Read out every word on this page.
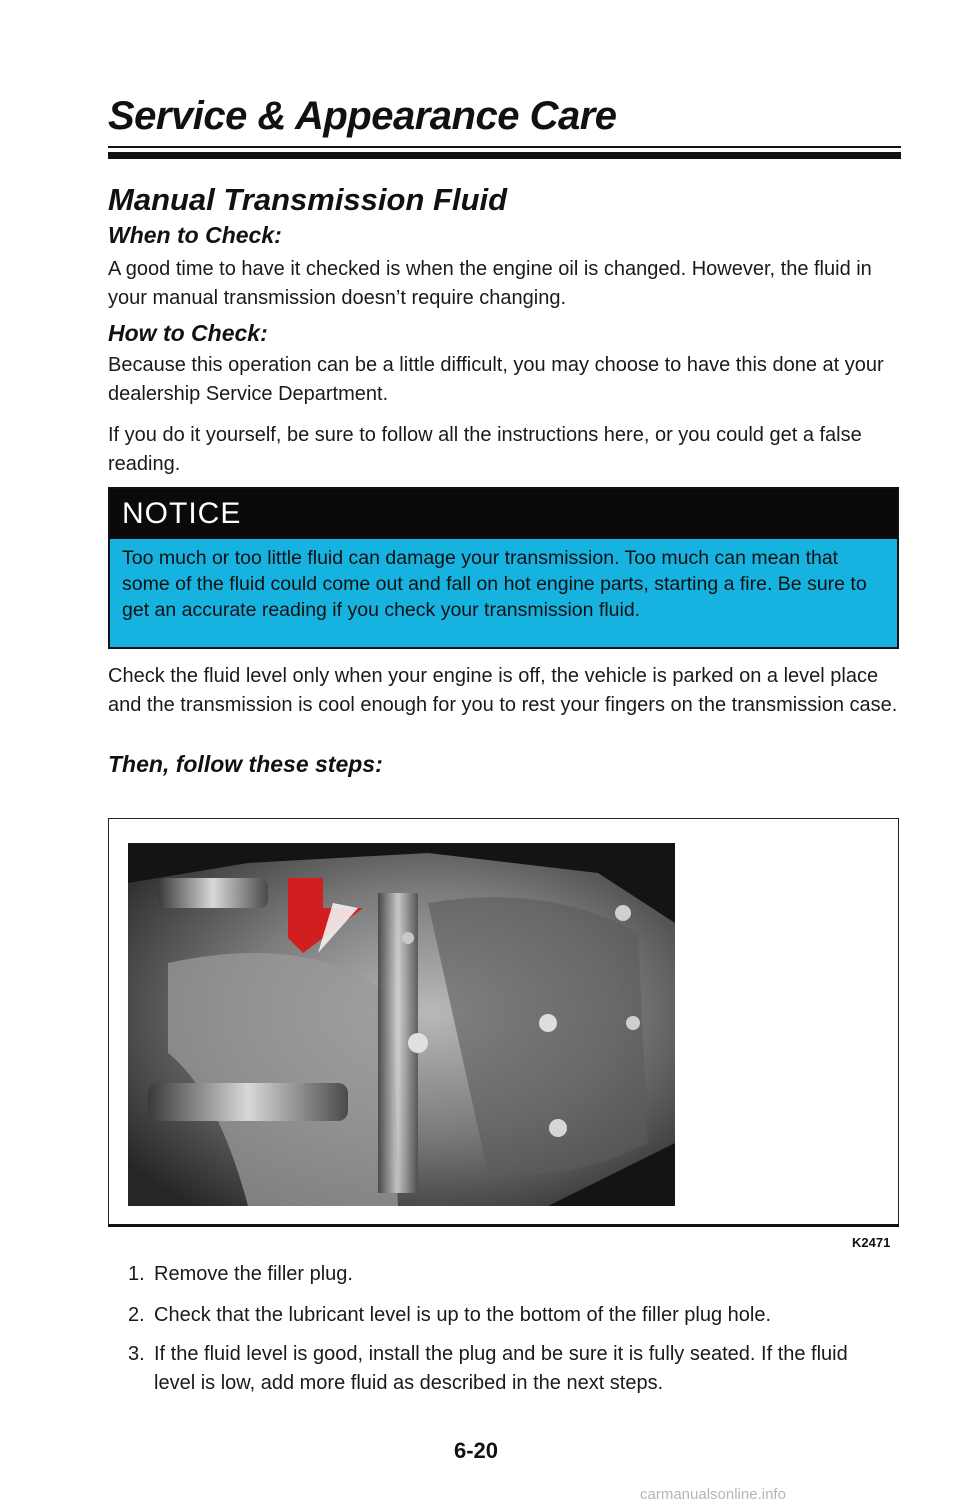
Service & Appearance Care
Manual Transmission Fluid
When to Check:

A good time to have it checked is when the engine oil is changed. However, the fluid in your manual transmission doesn’t require changing.

How to Check:

Because this operation can be a little difficult, you may choose to have this done at your dealership Service Department.

If you do it yourself, be sure to follow all the instructions here, or you could get a false reading.

NOTICE

Too much or too little fluid can damage your transmission. Too much can mean that some of the fluid could come out and fall on hot engine parts, starting a fire. Be sure to get an accurate reading if you check your transmission fluid.

Check the fluid level only when your engine is off, the vehicle is parked on a level place and the transmission is cool enough for you to rest your fingers on the transmission case.

Then, follow these steps:

K2471

1. Remove the filler plug.

2. Check that the lubricant level is up to the bottom of the filler plug hole.

3. If the fluid level is good, install the plug and be sure it is fully seated. If the fluid level is low, add more fluid as described in the next steps.

6-20

carmanualsonline.info
